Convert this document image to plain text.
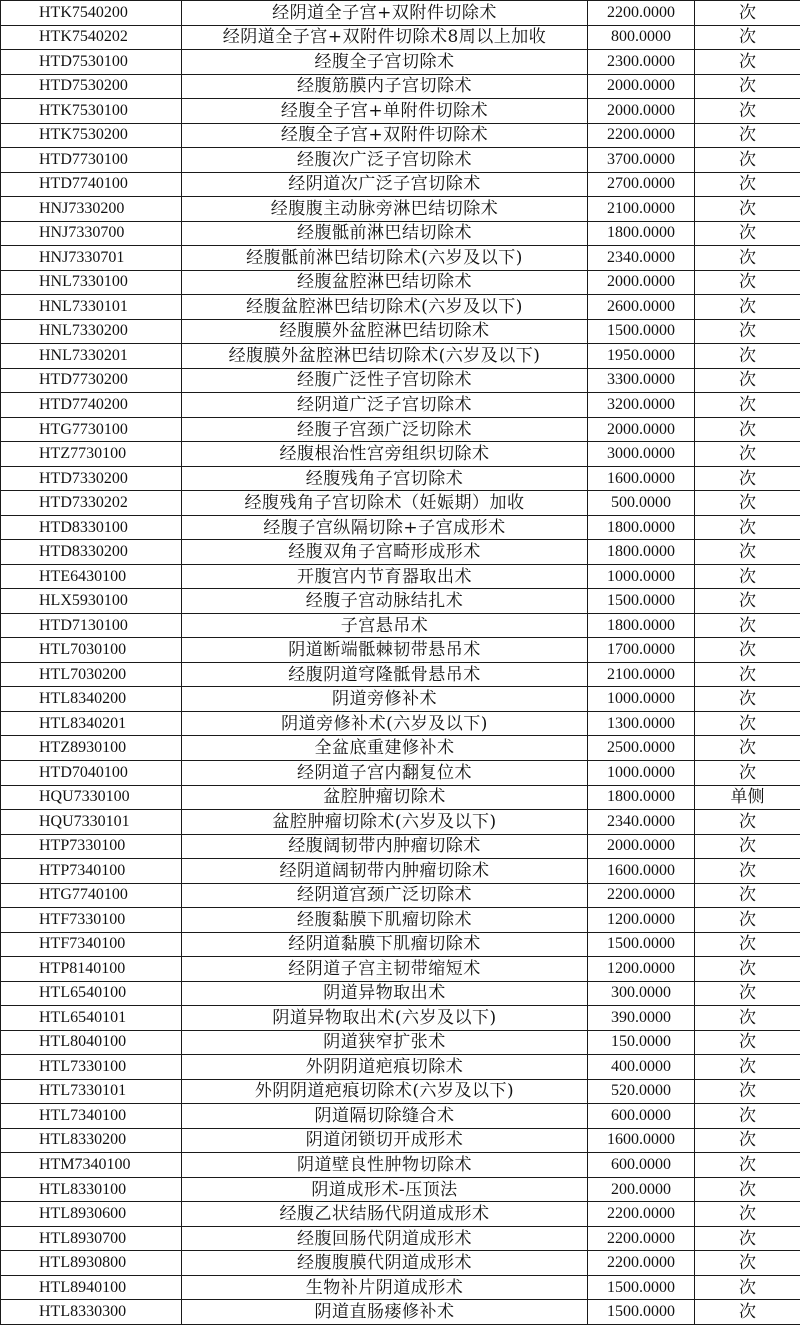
HTK7540200	经阴道全子宫+双附件切除术	2200.0000	次
HTK7540202	经阴道全子宫+双附件切除术8周以上加收	800.0000	次
HTD7530100	经腹全子宫切除术	2300.0000	次
HTD7530200	经腹筋膜内子宫切除术	2000.0000	次
HTK7530100	经腹全子宫+单附件切除术	2000.0000	次
HTK7530200	经腹全子宫+双附件切除术	2200.0000	次
HTD7730100	经腹次广泛子宫切除术	3700.0000	次
HTD7740100	经阴道次广泛子宫切除术	2700.0000	次
HNJ7330200	经腹腹主动脉旁淋巴结切除术	2100.0000	次
HNJ7330700	经腹骶前淋巴结切除术	1800.0000	次
HNJ7330701	经腹骶前淋巴结切除术(六岁及以下)	2340.0000	次
HNL7330100	经腹盆腔淋巴结切除术	2000.0000	次
HNL7330101	经腹盆腔淋巴结切除术(六岁及以下)	2600.0000	次
HNL7330200	经腹膜外盆腔淋巴结切除术	1500.0000	次
HNL7330201	经腹膜外盆腔淋巴结切除术(六岁及以下)	1950.0000	次
HTD7730200	经腹广泛性子宫切除术	3300.0000	次
HTD7740200	经阴道广泛子宫切除术	3200.0000	次
HTG7730100	经腹子宫颈广泛切除术	2000.0000	次
HTZ7730100	经腹根治性宫旁组织切除术	3000.0000	次
HTD7330200	经腹残角子宫切除术	1600.0000	次
HTD7330202	经腹残角子宫切除术（妊娠期）加收	500.0000	次
HTD8330100	经腹子宫纵隔切除+子宫成形术	1800.0000	次
HTD8330200	经腹双角子宫畸形成形术	1800.0000	次
HTE6430100	开腹宫内节育器取出术	1000.0000	次
HLX5930100	经腹子宫动脉结扎术	1500.0000	次
HTD7130100	子宫悬吊术	1800.0000	次
HTL7030100	阴道断端骶棘韧带悬吊术	1700.0000	次
HTL7030200	经腹阴道穹隆骶骨悬吊术	2100.0000	次
HTL8340200	阴道旁修补术	1000.0000	次
HTL8340201	阴道旁修补术(六岁及以下)	1300.0000	次
HTZ8930100	全盆底重建修补术	2500.0000	次
HTD7040100	经阴道子宫内翻复位术	1000.0000	次
HQU7330100	盆腔肿瘤切除术	1800.0000	单侧
HQU7330101	盆腔肿瘤切除术(六岁及以下)	2340.0000	次
HTP7330100	经腹阔韧带内肿瘤切除术	2000.0000	次
HTP7340100	经阴道阔韧带内肿瘤切除术	1600.0000	次
HTG7740100	经阴道宫颈广泛切除术	2200.0000	次
HTF7330100	经腹黏膜下肌瘤切除术	1200.0000	次
HTF7340100	经阴道黏膜下肌瘤切除术	1500.0000	次
HTP8140100	经阴道子宫主韧带缩短术	1200.0000	次
HTL6540100	阴道异物取出术	300.0000	次
HTL6540101	阴道异物取出术(六岁及以下)	390.0000	次
HTL8040100	阴道狭窄扩张术	150.0000	次
HTL7330100	外阴阴道疤痕切除术	400.0000	次
HTL7330101	外阴阴道疤痕切除术(六岁及以下)	520.0000	次
HTL7340100	阴道隔切除缝合术	600.0000	次
HTL8330200	阴道闭锁切开成形术	1600.0000	次
HTM7340100	阴道壁良性肿物切除术	600.0000	次
HTL8330100	阴道成形术-压顶法	200.0000	次
HTL8930600	经腹乙状结肠代阴道成形术	2200.0000	次
HTL8930700	经腹回肠代阴道成形术	2200.0000	次
HTL8930800	经腹腹膜代阴道成形术	2200.0000	次
HTL8940100	生物补片阴道成形术	1500.0000	次
HTL8330300	阴道直肠瘘修补术	1500.0000	次
